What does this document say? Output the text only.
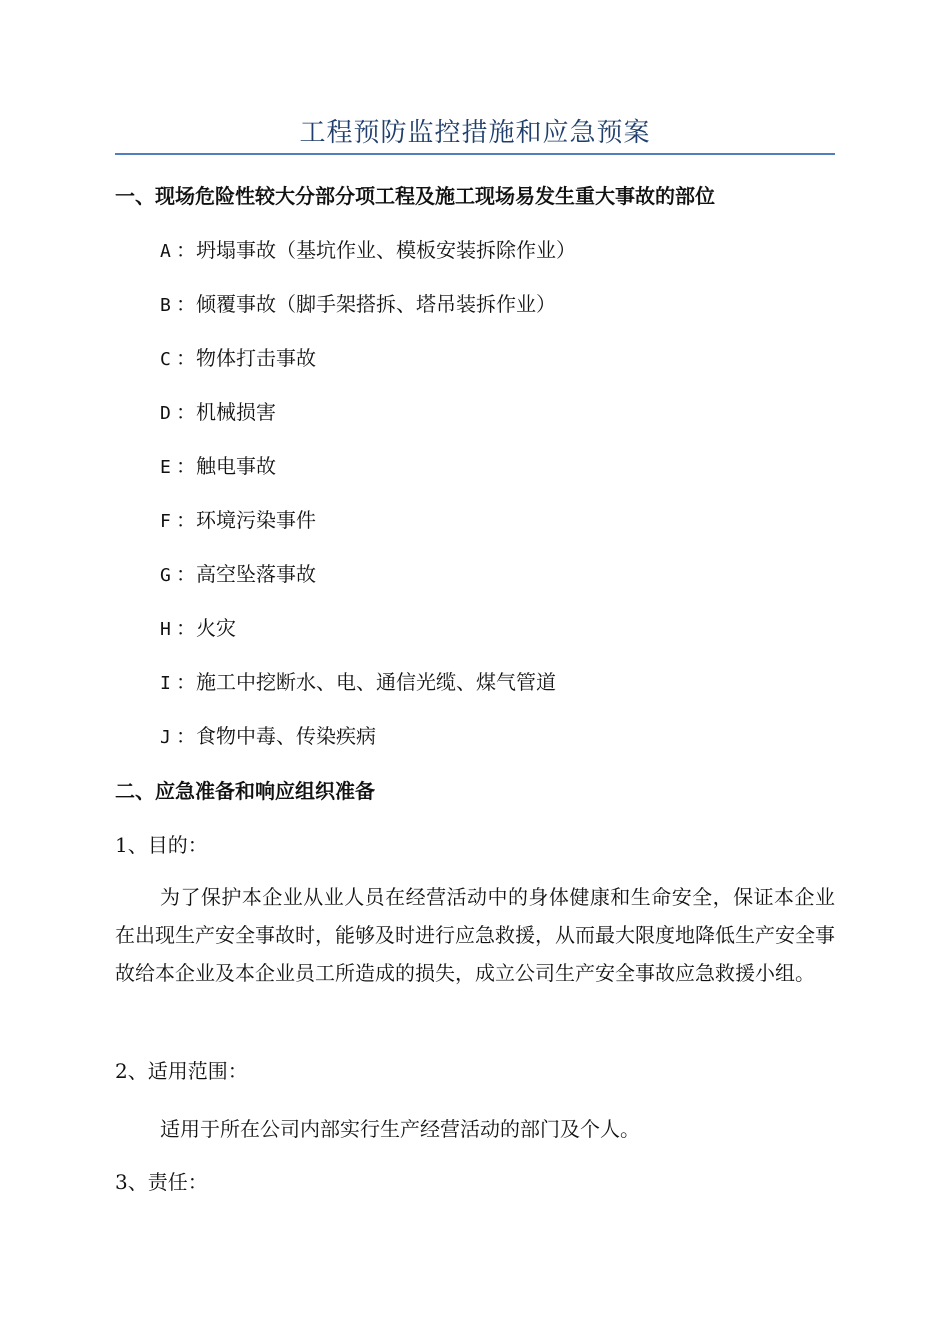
工程预防监控措施和应急预案
一、现场危险性较大分部分项工程及施工现场易发生重大事故的部位
A ：坍塌事故（基坑作业、模板安装拆除作业）
B ：倾覆事故（脚手架搭拆、塔吊装拆作业）
C ：物体打击事故
D ：机械损害
E ：触电事故
F ：环境污染事件
G ：高空坠落事故
H ：火灾
I ：施工中挖断水、电、通信光缆、煤气管道
J ：食物中毒、传染疾病
二、应急准备和响应组织准备
1、目的：
为了保护本企业从业人员在经营活动中的身体健康和生命安全，保证本企业在出现生产安全事故时，能够及时进行应急救援，从而最大限度地降低生产安全事故给本企业及本企业员工所造成的损失，成立公司生产安全事故应急救援小组。
2、适用范围：
适用于所在公司内部实行生产经营活动的部门及个人。
3、责任：
